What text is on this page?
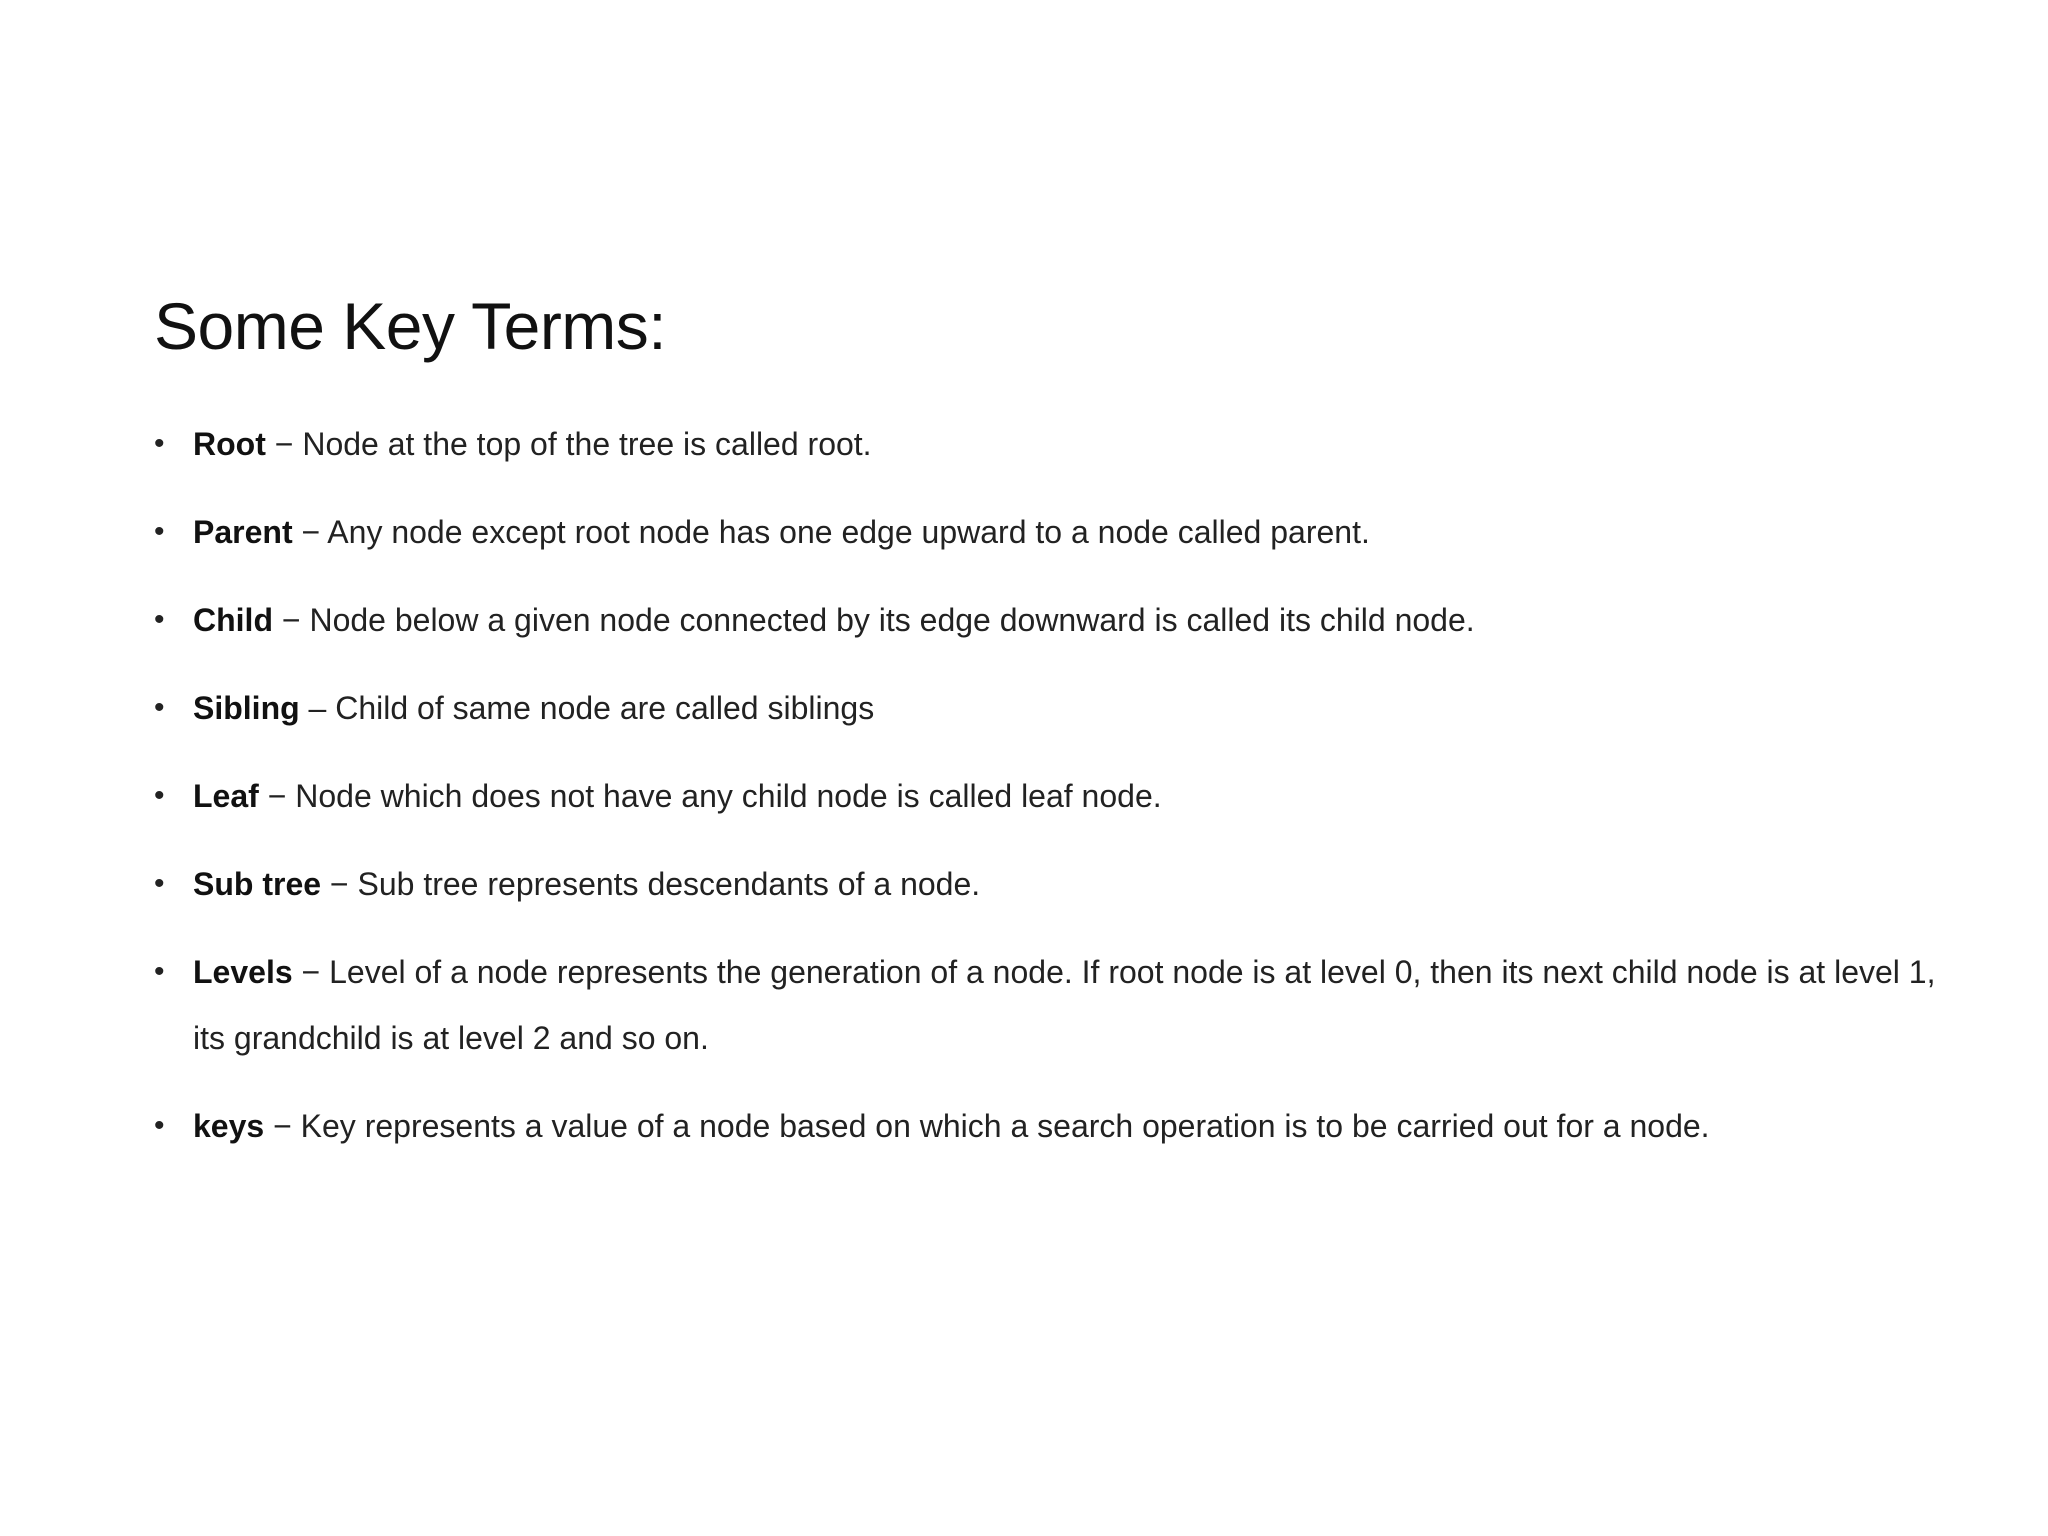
Some Key Terms:
• Root − Node at the top of the tree is called root.
• Parent − Any node except root node has one edge upward to a node called parent.
• Child − Node below a given node connected by its edge downward is called its child node.
• Sibling – Child of same node are called siblings
• Leaf − Node which does not have any child node is called leaf node.
• Sub tree − Sub tree represents descendants of a node.
• Levels − Level of a node represents the generation of a node. If root node is at level 0, then its next child node is at level 1, its grandchild is at level 2 and so on.
• keys − Key represents a value of a node based on which a search operation is to be carried out for a node.
